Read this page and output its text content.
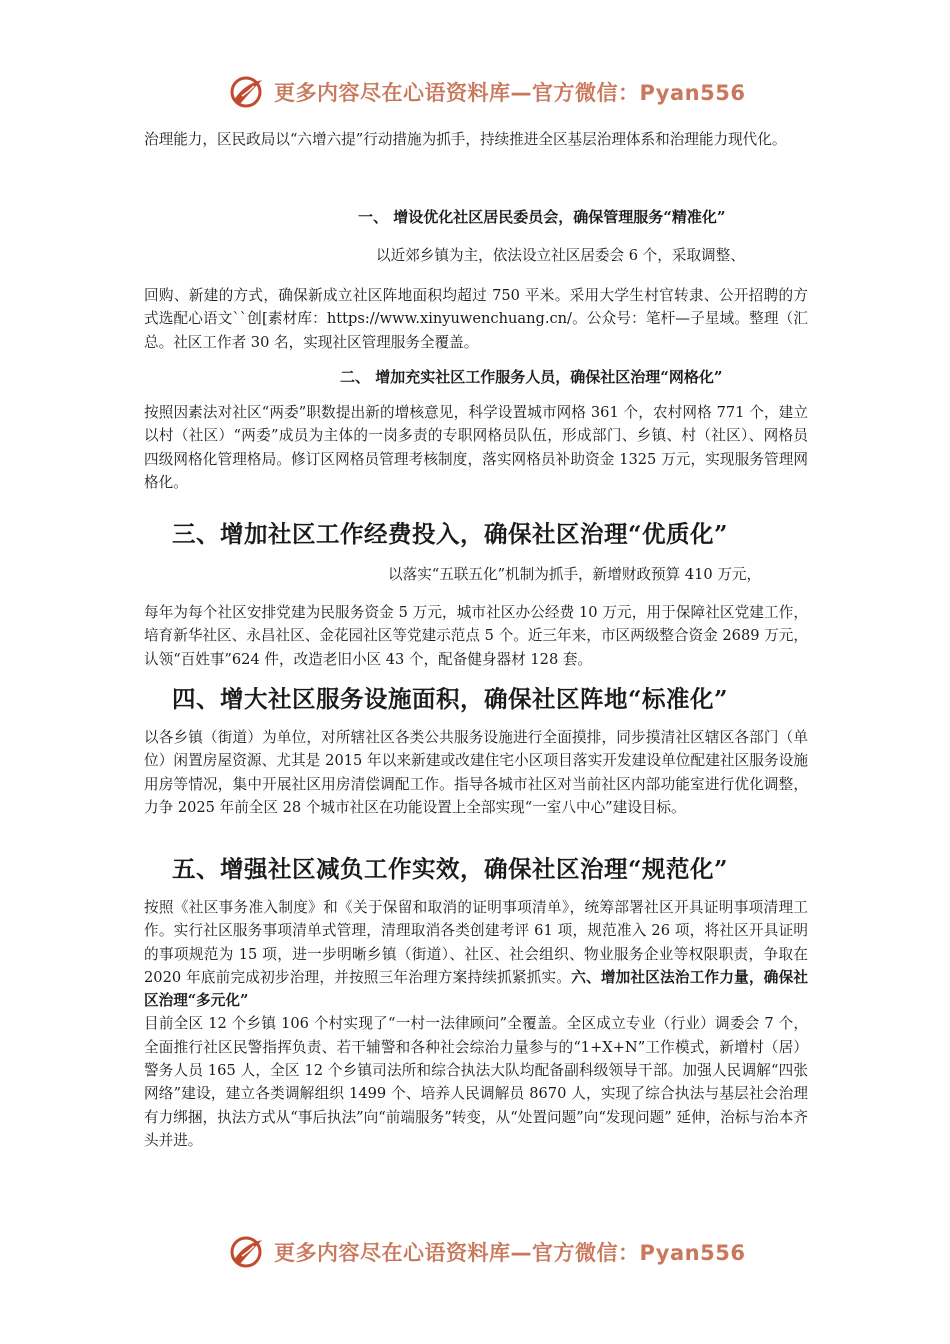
更多内容尽在心语资料库—官方微信：Pyan556
治理能力，区民政局以“六增六提”行动措施为抓手，持续推进全区基层治理体系和治理能力现代化。
一、 增设优化社区居民委员会，确保管理服务“精准化”
以近郊乡镇为主，依法设立社区居委会 6 个，采取调整、
回购、新建的方式，确保新成立社区阵地面积均超过 750 平米。采用大学生村官转隶、公开招聘的方式选配心语文``创[素材库：https://www.xinyuwenchuang.cn/。公众号：笔杆—子星域。整理（汇总。社区工作者 30 名，实现社区管理服务全覆盖。
二、 增加充实社区工作服务人员，确保社区治理“网格化”
按照因素法对社区“两委”职数提出新的增核意见，科学设置城市网格 361 个，农村网格 771 个，建立以村（社区）“两委”成员为主体的一岗多责的专职网格员队伍，形成部门、乡镇、村（社区）、网格员四级网格化管理格局。修订区网格员管理考核制度，落实网格员补助资金 1325 万元，实现服务管理网格化。
三、增加社区工作经费投入，确保社区治理“优质化”
以落实“五联五化”机制为抓手，新增财政预算 410 万元，
每年为每个社区安排党建为民服务资金 5 万元，城市社区办公经费 10 万元，用于保障社区党建工作，培育新华社区、永昌社区、金花园社区等党建示范点 5 个。近三年来，市区两级整合资金 2689 万元，认领“百姓事”624 件，改造老旧小区 43 个，配备健身器材 128 套。
四、增大社区服务设施面积，确保社区阵地“标准化”
以各乡镇（街道）为单位，对所辖社区各类公共服务设施进行全面摸排，同步摸清社区辖区各部门（单位）闲置房屋资源、尤其是 2015 年以来新建或改建住宅小区项目落实开发建设单位配建社区服务设施用房等情况，集中开展社区用房清偿调配工作。指导各城市社区对当前社区内部功能室进行优化调整，力争 2025 年前全区 28 个城市社区在功能设置上全部实现“一室八中心”建设目标。
五、增强社区减负工作实效，确保社区治理“规范化”
按照《社区事务准入制度》和《关于保留和取消的证明事项清单》，统筹部署社区开具证明事项清理工作。实行社区服务事项清单式管理，清理取消各类创建考评 61 项，规范准入 26 项，将社区开具证明的事项规范为 15 项，进一步明晰乡镇（街道）、社区、社会组织、物业服务企业等权限职责，争取在 2020 年底前完成初步治理，并按照三年治理方案持续抓紧抓实。六、增加社区法治工作力量，确保社区治理“多元化”
目前全区 12 个乡镇 106 个村实现了“一村一法律顾问”全覆盖。全区成立专业（行业）调委会 7 个，全面推行社区民警指挥负责、若干辅警和各种社会综治力量参与的“1+X+N”工作模式，新增村（居）警务人员 165 人，全区 12 个乡镇司法所和综合执法大队均配备副科级领导干部。加强人民调解“四张网络”建设，建立各类调解组织 1499 个、培养人民调解员 8670 人，实现了综合执法与基层社会治理有力绑捆，执法方式从“事后执法”向“前端服务”转变，从“处置问题”向“发现问题” 延伸，治标与治本齐头并进。
更多内容尽在心语资料库—官方微信：Pyan556
